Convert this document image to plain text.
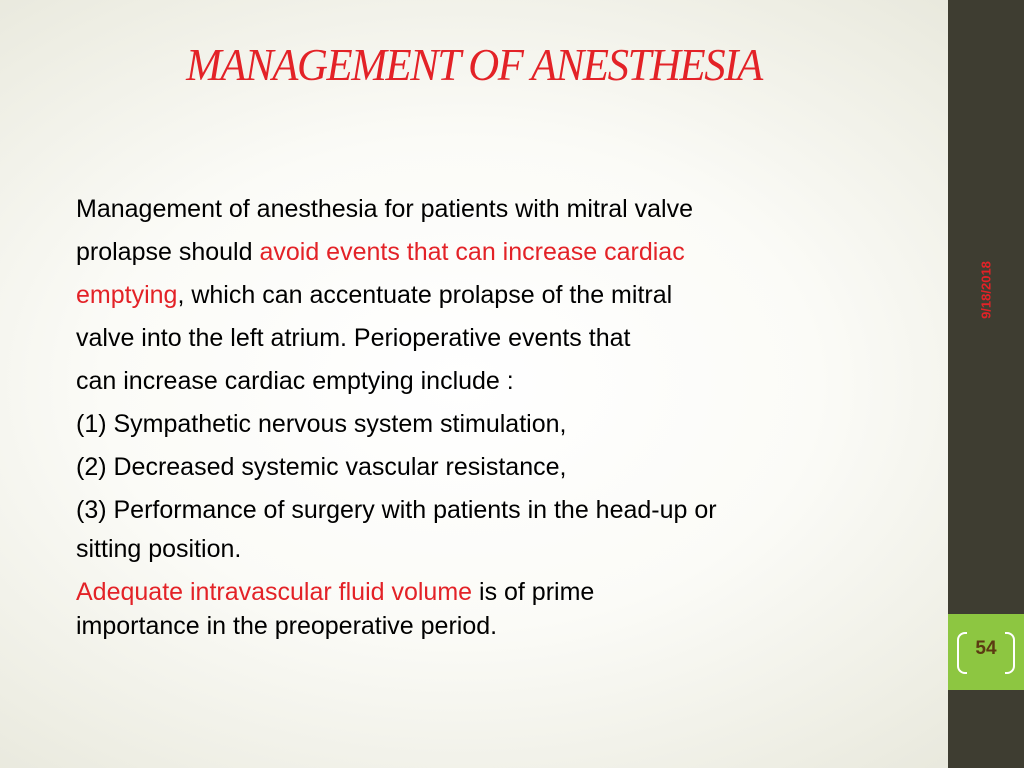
MANAGEMENT OF ANESTHESIA
Management of anesthesia for patients with mitral valve
prolapse should avoid events that can increase cardiac
emptying, which can accentuate prolapse of the mitral
valve into the left atrium. Perioperative events that
can increase cardiac emptying include :
(1) Sympathetic nervous system stimulation,
(2) Decreased systemic vascular resistance,
(3) Performance of surgery with patients in the head-up or
sitting position.
Adequate intravascular fluid volume is of prime
importance in the preoperative period.
9/18/2018
54
